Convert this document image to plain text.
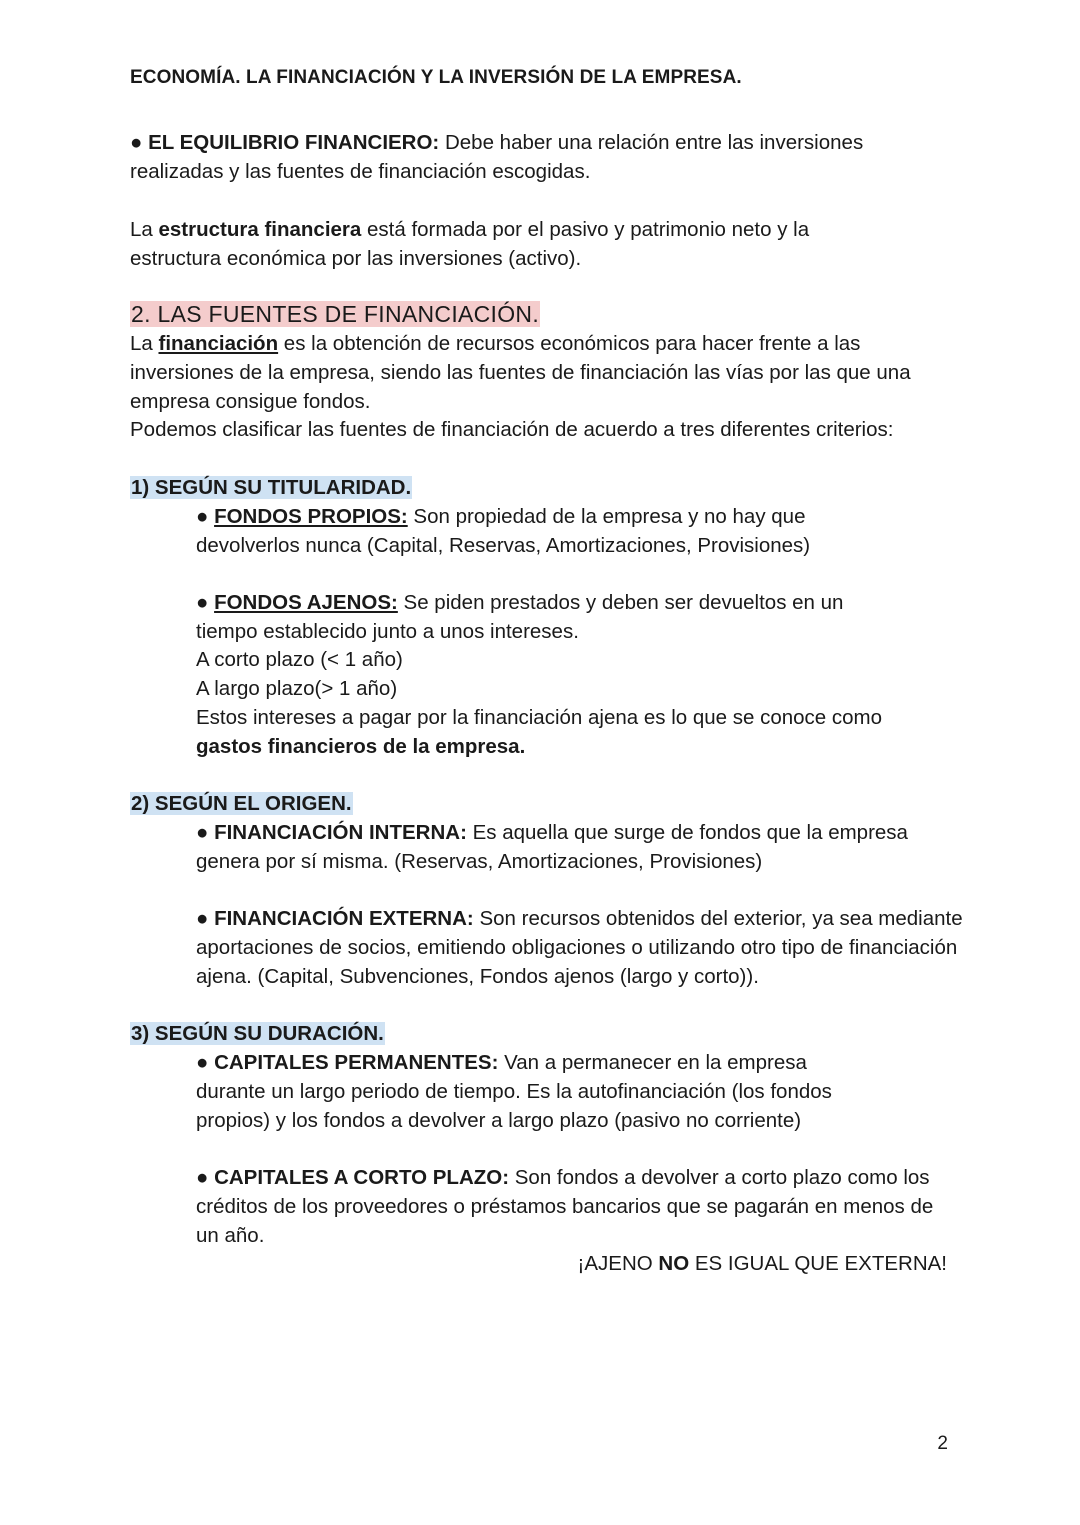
ECONOMÍA. LA FINANCIACIÓN Y LA INVERSIÓN DE LA EMPRESA.
● EL EQUILIBRIO FINANCIERO: Debe haber una relación entre las inversiones realizadas y las fuentes de financiación escogidas.
La estructura financiera está formada por el pasivo y patrimonio neto y la estructura económica por las inversiones (activo).
2. LAS FUENTES DE FINANCIACIÓN.
La financiación es la obtención de recursos económicos para hacer frente a las inversiones de la empresa, siendo las fuentes de financiación las vías por las que una empresa consigue fondos.
Podemos clasificar las fuentes de financiación de acuerdo a tres diferentes criterios:
1) SEGÚN SU TITULARIDAD.
● FONDOS PROPIOS: Son propiedad de la empresa y no hay que devolverlos nunca (Capital, Reservas, Amortizaciones, Provisiones)
● FONDOS AJENOS: Se piden prestados y deben ser devueltos en un tiempo establecido junto a unos intereses.
A corto plazo (< 1 año)
A largo plazo(> 1 año)
Estos intereses a pagar por la financiación ajena es lo que se conoce como gastos financieros de la empresa.
2) SEGÚN EL ORIGEN.
● FINANCIACIÓN INTERNA: Es aquella que surge de fondos que la empresa genera por sí misma. (Reservas, Amortizaciones, Provisiones)
● FINANCIACIÓN EXTERNA: Son recursos obtenidos del exterior, ya sea mediante aportaciones de socios, emitiendo obligaciones o utilizando otro tipo de financiación ajena. (Capital, Subvenciones, Fondos ajenos (largo y corto)).
3) SEGÚN SU DURACIÓN.
● CAPITALES PERMANENTES: Van a permanecer en la empresa durante un largo periodo de tiempo. Es la autofinanciación (los fondos propios) y los fondos a devolver a largo plazo (pasivo no corriente)
● CAPITALES A CORTO PLAZO: Son fondos a devolver a corto plazo como los créditos de los proveedores o préstamos bancarios que se pagarán en menos de un año.
¡AJENO NO ES IGUAL QUE EXTERNA!
2
